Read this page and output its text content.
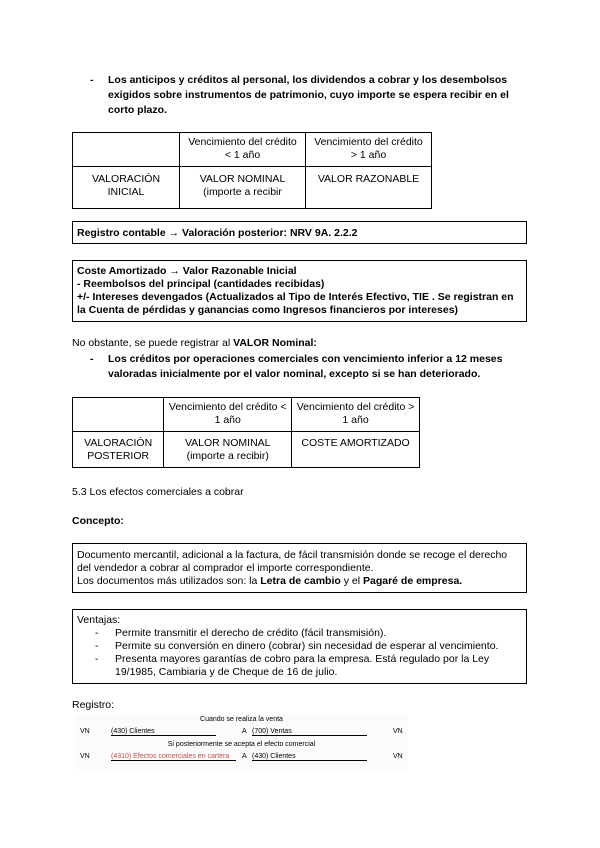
-	Los anticipos y créditos al personal, los dividendos a cobrar y los desembolsos exigidos sobre instrumentos de patrimonio, cuyo importe se espera recibir en el corto plazo.
	Vencimiento del crédito < 1 año	Vencimiento del crédito > 1 año
VALORACIÓN INICIAL	VALOR NOMINAL (importe a recibir	VALOR RAZONABLE
Registro contable → Valoración posterior: NRV 9A. 2.2.2
Coste Amortizado → Valor Razonable Inicial
- Reembolsos del principal (cantidades recibidas)
+/- Intereses devengados (Actualizados al Tipo de Interés Efectivo, TIE . Se registran en la Cuenta de pérdidas y ganancias como Ingresos financieros por intereses)
No obstante, se puede registrar al VALOR Nominal:
-	Los créditos por operaciones comerciales con vencimiento inferior a 12 meses valoradas inicialmente por el valor nominal, excepto si se han deteriorado.
	Vencimiento del crédito < 1 año	Vencimiento del crédito > 1 año
VALORACIÓN POSTERIOR	VALOR NOMINAL (importe a recibir)	COSTE AMORTIZADO
5.3 Los efectos comerciales a cobrar
Concepto:
Documento mercantil, adicional a la factura, de fácil transmisión donde se recoge el derecho del vendedor a cobrar al comprador el importe correspondiente.
Los documentos más utilizados son: la Letra de cambio y el Pagaré de empresa.
Ventajas:
-	Permite transmitir el derecho de crédito (fácil transmisión).
-	Permite su conversión en dinero (cobrar) sin necesidad de esperar al vencimiento.
-	Presenta mayores garantías de cobro para la empresa. Está regulado por la Ley 19/1985, Cambiaria y de Cheque de 16 de julio.
Registro:
Cuando se realiza la venta
VN	(430) Clientes	A (700) Ventas	VN
Si posteriormente se acepta el efecto comercial
VN	(4310) Efectos comerciales en cartera	A (430) Clientes	VN
